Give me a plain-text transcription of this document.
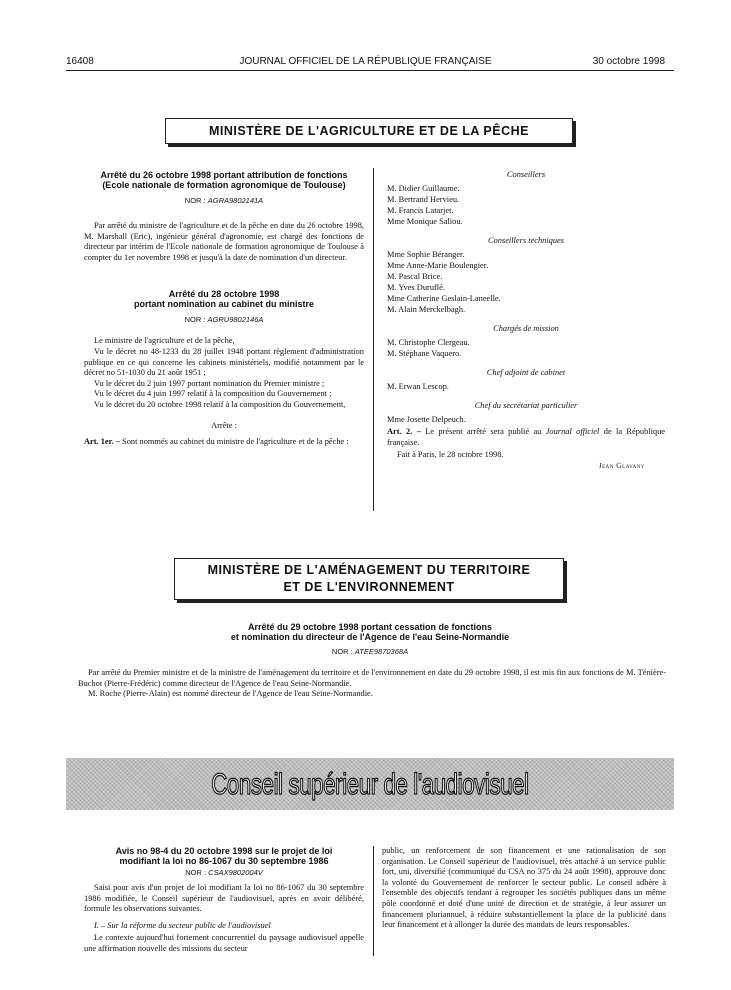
16408	JOURNAL OFFICIEL DE LA RÉPUBLIQUE FRANÇAISE	30 octobre 1998
MINISTÈRE DE L'AGRICULTURE ET DE LA PÊCHE
Arrêté du 26 octobre 1998 portant attribution de fonctions (Ecole nationale de formation agronomique de Toulouse)
NOR : AGRA9802141A
Par arrêté du ministre de l'agriculture et de la pêche en date du 26 octobre 1998, M. Marshall (Eric), ingénieur général d'agronomie, est chargé des fonctions de directeur par intérim de l'Ecole nationale de formation agronomique de Toulouse à compter du 1er novembre 1998 et jusqu'à la date de nomination d'un directeur.
Arrêté du 28 octobre 1998
portant nomination au cabinet du ministre
NOR : AGRU9802146A
Le ministre de l'agriculture et de la pêche,
Vu le décret no 48-1233 du 28 juillet 1948 portant règlement d'administration publique en ce qui concerne les cabinets ministériels, modifié notamment par le décret no 51-1030 du 21 août 1951 ;
Vu le décret du 2 juin 1997 portant nomination du Premier ministre ;
Vu le décret du 4 juin 1997 relatif à la composition du Gouvernement ;
Vu le décret du 20 octobre 1998 relatif à la composition du Gouvernement,
Arrête :
Art. 1er. – Sont nommés au cabinet du ministre de l'agriculture et de la pêche :
Conseillers
M. Didier Guillaume.
M. Bertrand Hervieu.
M. Francis Latarjet.
Mme Monique Saliou.
Conseillers techniques
Mme Sophie Béranger.
Mme Anne-Marie Boulengier.
M. Pascal Brice.
M. Yves Duruflé.
Mme Catherine Geslain-Laneelle.
M. Alain Merckelbagh.
Chargés de mission
M. Christophe Clergeau.
M. Stéphane Vaquero.
Chef adjoint de cabinet
M. Erwan Lescop.
Chef du secrétariat particulier
Mme Josette Delpeuch.
Art. 2. – Le présent arrêté sera publié au Journal officiel de la République française.
Fait à Paris, le 28 octobre 1998.
Jean Glavany
MINISTÈRE DE L'AMÉNAGEMENT DU TERRITOIRE
ET DE L'ENVIRONNEMENT
Arrêté du 29 octobre 1998 portant cessation de fonctions
et nomination du directeur de l'Agence de l'eau Seine-Normandie
NOR : ATEE9870368A
Par arrêté du Premier ministre et de la ministre de l'aménagement du territoire et de l'environnement en date du 29 octobre 1998, il est mis fin aux fonctions de M. Ténière-Buchot (Pierre-Frédéric) comme directeur de l'Agence de l'eau Seine-Normandie.
M. Roche (Pierre-Alain) est nommé directeur de l'Agence de l'eau Seine-Normandie.
Conseil supérieur de l'audiovisuel
Avis no 98-4 du 20 octobre 1998 sur le projet de loi
modifiant la loi no 86-1067 du 30 septembre 1986
NOR : CSAX9802004V
Saisi pour avis d'un projet de loi modifiant la loi no 86-1067 du 30 septembre 1986 modifiée, le Conseil supérieur de l'audiovisuel, après en avoir délibéré, formule les observations suivantes.
I. – Sur la réforme du secteur public de l'audiovisuel
Le contexte aujourd'hui fortement concurrentiel du paysage audiovisuel appelle une affirmation nouvelle des missions du secteur
public, un renforcement de son financement et une rationalisation de son organisation. Le Conseil supérieur de l'audiovisuel, très attaché à un service public fort, uni, diversifié (communiqué du CSA no 375 du 24 août 1998), approuve donc la volonté du Gouvernement de renforcer le secteur public. Le conseil adhère à l'ensemble des objectifs tendant à regrouper les sociétés publiques dans un même pôle coordonné et doté d'une unité de direction et de stratégie, à leur assurer un financement pluriannuel, à réduire substantiellement la place de la publicité dans leur financement et à allonger la durée des mandats de leurs responsables.
